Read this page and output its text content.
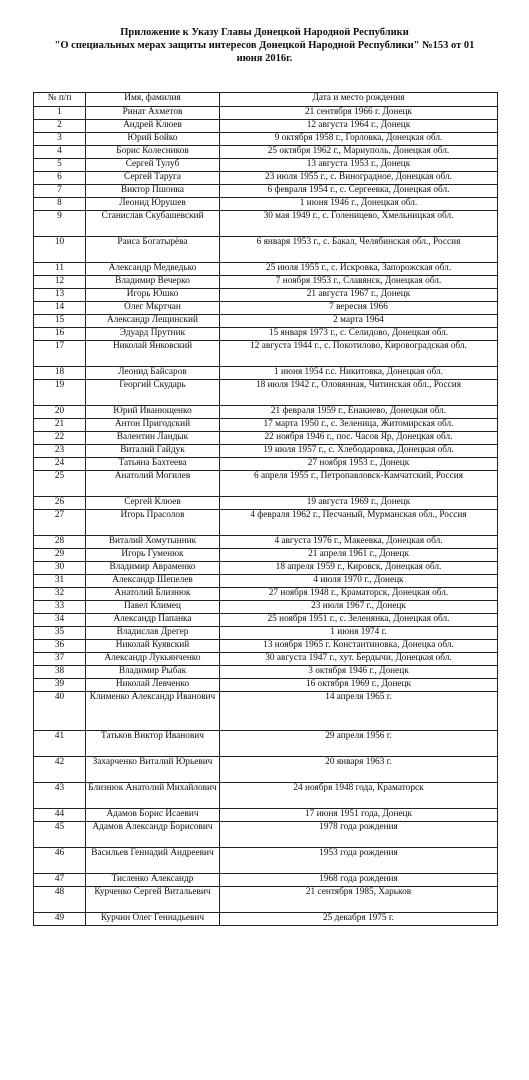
Приложение к Указу Главы Донецкой Народной Республики
"О специальных мерах защиты интересов Донецкой Народной Республики" №153 от 01
июня 2016г.
№ п/п	Имя, фамилия	Дата и место рождения
1	Ринат Ахметов	21 сентября 1966 г. Донецк
2	Андрей Клюев	12 августа 1964 г., Донецк
3	Юрий Бойко	9 октября 1958 г., Горловка, Донецкая обл.
4	Борис Колесников	25 октября 1962 г., Мариуполь, Донецкая обл.
5	Сергей Тулуб	13 августа 1953 г., Донецк
6	Сергей Таруга	23 июля 1955 г., с. Виноградное, Донецкая обл.
7	Виктор Пшонка	6 февраля 1954 г., с. Сергеевка, Донецкая обл.
8	Леонид Юрушев	1 июня 1946 г., Донецкая обл.
9	Станислав Скубашевский	30 мая 1949 г., с. Голеницево, Хмельницкая обл.
10	Раиса Богатырёва	6 января 1953 г., с. Бакал, Челябинская обл., Россия
11	Александр Медведько	25 июля 1955 г., с. Искровка, Запорожская обл.
12	Владимир Вечерко	7 ноября 1953 г., Славянск, Донецкая обл.
13	Игорь Юшко	21 августа 1967 г., Донецк
14	Олег Мкртчан	7 вересня 1966
15	Александр Лещинский	2 марта 1964
16	Эдуард Прутник	15 января 1973 г., с. Селидово, Донецкая обл.
17	Николай Янковский	12 августа 1944 г., с. Покотилово, Кировоградская обл.
18	Леонид Байсаров	1 июня 1954 г.с. Никитовка, Донецкая обл.
19	Георгий Скударь	18 июля 1942 г., Оловянная, Читинская обл., Россия
20	Юрий Иванющенко	21 февраля 1959 г., Енакиево, Донецкая обл.
21	Антон Пригодский	17 марта 1950 г., с. Зеленица, Житомирская обл.
22	Валентин Ландык	22 ноября 1946 г., пос. Часов Яр, Донецкая обл.
23	Виталий Гайдук	19 июля 1957 г., с. Хлебодаровка, Донецкая обл.
24	Татьяна Бахтеева	27 ноября 1953 г., Донецк
25	Анатолий Могилев	6 апреля 1955 г., Петропавловск-Камчатский, Россия
26	Сергей Клюев	19 августа 1969 г., Донецк
27	Игорь Прасолов	4 февраля 1962 г., Песчаный, Мурманская обл., Россия
28	Виталий Хомутынник	4 августа 1976 г., Макеевка, Донецкая обл.
29	Игорь Гуменюк	21 апреля 1961 г., Донецк
30	Владимир Авраменко	18 апреля 1959 г., Кировск, Донецкая обл.
31	Александр Шепелев	4 июля 1970 г., Донецк
32	Анатолий Близнюк	27 ноября 1948 г., Краматорск, Донецкая обл.
33	Павел Климец	23 июля 1967 г., Донецк
34	Александр Папанка	25 ноября 1951 г., с. Зеленянка, Донецкая обл.
35	Владислав Дрегер	1 июня 1974 г.
36	Николай Куявский	13 ноября 1965 г. Константиновка, Донецка обл.
37	Александр Лукьянченко	30 августа 1947 г., хут. Бердычи, Донецкая обл.
38	Владимир Рыбак	3 октября 1946 г., Донецк
39	Николай Левченко	16 октября 1969 г., Донецк
40	Клименко Александр Иванович	14 апреля 1965 г.
41	Татьков Виктор Иванович	29 апреля 1956 г.
42	Захарченко Виталий Юрьевич	20 января 1963 г.
43	Близнюк Анатолий Михайлович	24 ноября 1948 года, Краматорск
44	Адамов Борис Исаевич	17 июня 1951 года, Донецк
45	Адамов Александр Борисович	1978 года рождения
46	Васильев Геннадий Андреевич	1953 года рождения
47	Тисленко Александр	1968 года рождения
48	Курченко Сергей Витальевич	21 сентября 1985, Харьков
49	Курчин Олег Геннадьевич	25 декабря 1975 г.
